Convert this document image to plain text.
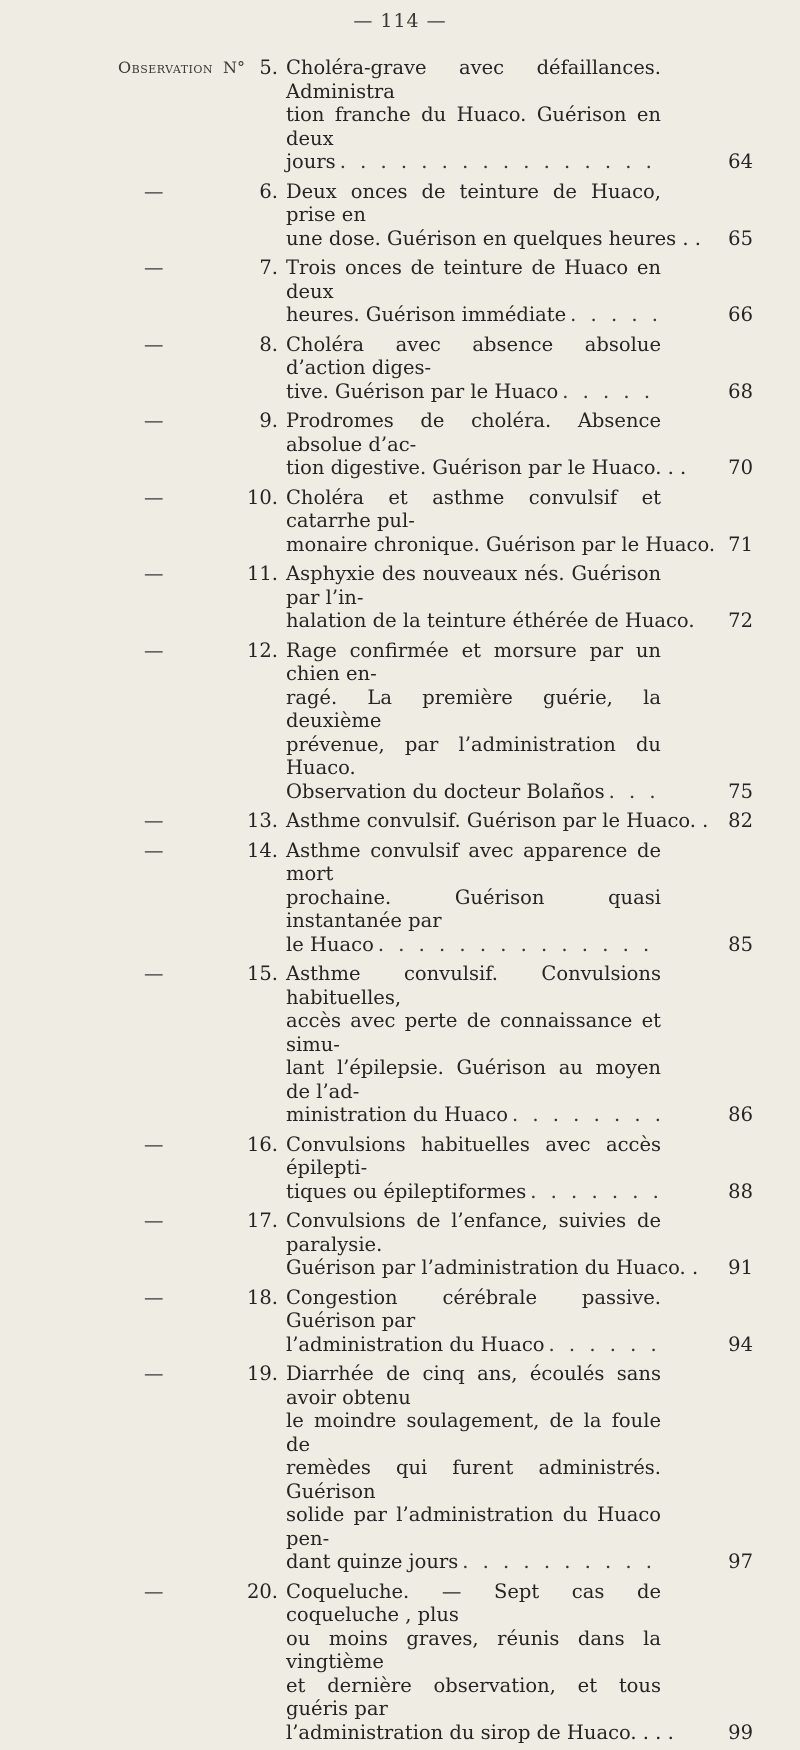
— 114 —
Observation N° 5. Choléra-grave avec défaillances. Administra
tion franche du Huaco. Guérison en deux
jours . . .	64
—	6. Deux onces de teinture de Huaco, prise en
une dose. Guérison en quelques heures . .	65
—	7. Trois onces de teinture de Huaco en deux
heures. Guérison immédiate . . .	66
—	8. Choléra avec absence absolue d’action diges-
tive. Guérison par le Huaco . . .	68
—	9. Prodromes de choléra. Absence absolue d’ac-
tion digestive. Guérison par le Huaco. . .	70
—	10. Choléra et asthme convulsif et catarrhe pul-
monaire chronique. Guérison par le Huaco. 71
—	11. Asphyxie des nouveaux nés. Guérison par l’in-
halation de la teinture éthérée de Huaco.	72
—	12. Rage confirmée et morsure par un chien en-
ragé. La première guérie, la deuxième
prévenue, par l’administration du Huaco.
Observation du docteur Bolaños . . .	75
—	13. Asthme convulsif. Guérison par le Huaco. .	82
—	14. Asthme convulsif avec apparence de mort
prochaine. Guérison quasi instantanée par
le Huaco . . .	85
—	15. Asthme convulsif. Convulsions habituelles,
accès avec perte de connaissance et simu-
lant l’épilepsie. Guérison au moyen de l’ad-
ministration du Huaco . . .	86
—	16. Convulsions habituelles avec accès épilepti-
tiques ou épileptiformes . . .	88
—	17. Convulsions de l’enfance, suivies de paralysie.
Guérison par l’administration du Huaco. .	91
—	18. Congestion cérébrale passive. Guérison par
l’administration du Huaco . . .	94
—	19. Diarrhée de cinq ans, écoulés sans avoir obtenu
le moindre soulagement, de la foule de
remèdes qui furent administrés. Guérison
solide par l’administration du Huaco pen-
dant quinze jours . . .	97
—	20. Coqueluche. — Sept cas de coqueluche , plus
ou moins graves, réunis dans la vingtième
et dernière observation, et tous guéris par
l’administration du sirop de Huaco. . . .	99
